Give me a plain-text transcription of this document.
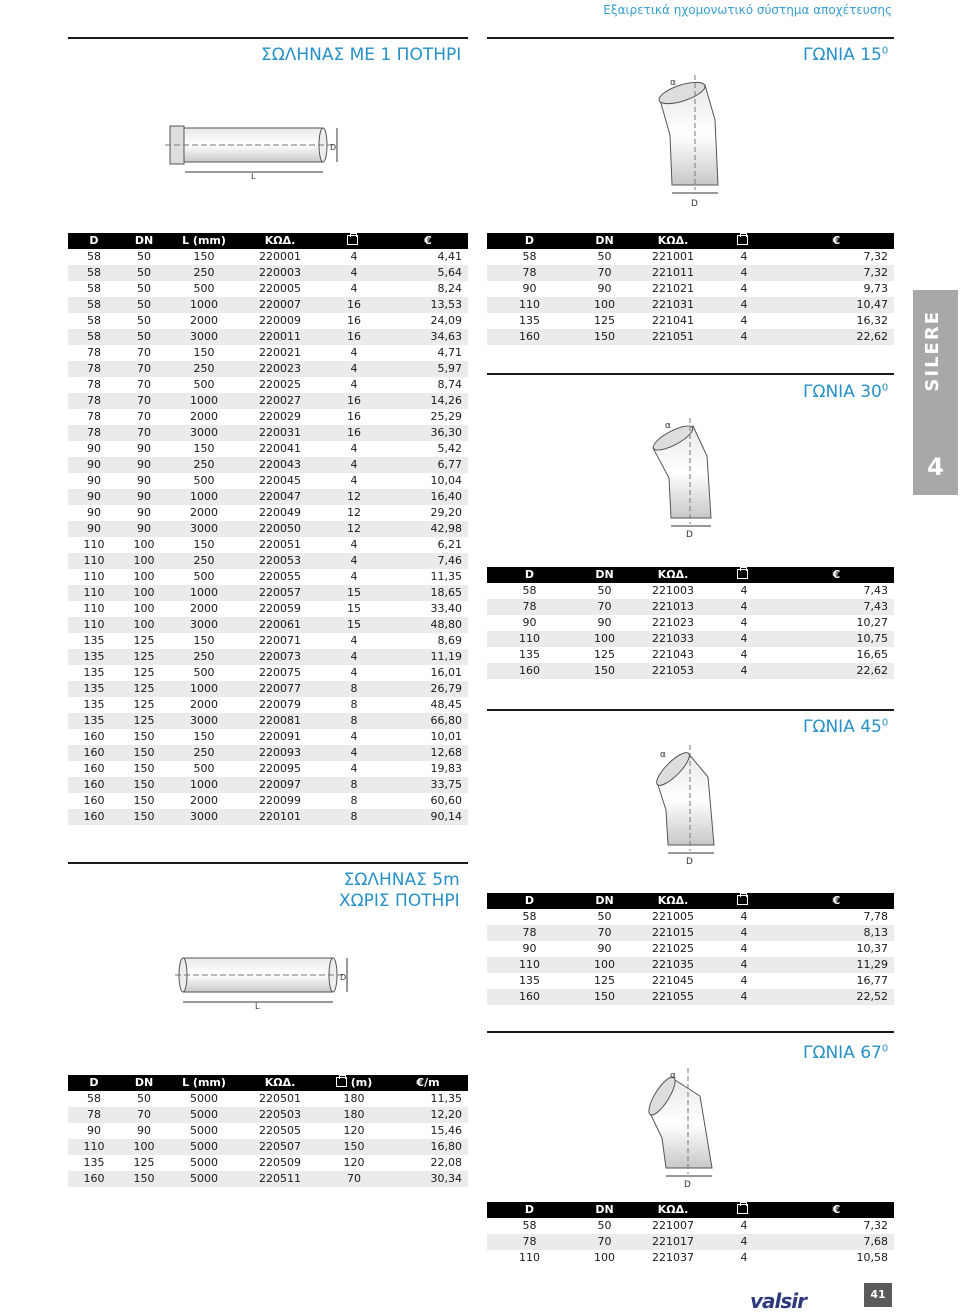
Εξαιρετικά ηχομονωτικό σύστημα αποχέτευσης
ΣΩΛΗΝΑΣ ΜΕ 1 ΠΟΤΗΡΙ	ΓΩΝΙΑ $15^0$
ΓΩΝΙΑ $30^0$
ΓΩΝΙΑ $45^0$
ΣΩΛΗΝΑΣ 5m
ΧΩΡΙΣ ΠΟΤΗΡΙ
ΓΩΝΙΑ $67^0$
D
L
D
L
D
α
D
α
D
α
D
α
D	DN	L (mm)	ΚΩΔ.		€
58	50	150	220001	4	4,41
58	50	250	220003	4	5,64
58	50	500	220005	4	8,24
58	50	1000	220007	16	13,53
58	50	2000	220009	16	24,09
58	50	3000	220011	16	34,63
78	70	150	220021	4	4,71
78	70	250	220023	4	5,97
78	70	500	220025	4	8,74
78	70	1000	220027	16	14,26
78	70	2000	220029	16	25,29
78	70	3000	220031	16	36,30
90	90	150	220041	4	5,42
90	90	250	220043	4	6,77
90	90	500	220045	4	10,04
90	90	1000	220047	12	16,40
90	90	2000	220049	12	29,20
90	90	3000	220050	12	42,98
110	100	150	220051	4	6,21
110	100	250	220053	4	7,46
110	100	500	220055	4	11,35
110	100	1000	220057	15	18,65
110	100	2000	220059	15	33,40
110	100	3000	220061	15	48,80
135	125	150	220071	4	8,69
135	125	250	220073	4	11,19
135	125	500	220075	4	16,01
135	125	1000	220077	8	26,79
135	125	2000	220079	8	48,45
135	125	3000	220081	8	66,80
160	150	150	220091	4	10,01
160	150	250	220093	4	12,68
160	150	500	220095	4	19,83
160	150	1000	220097	8	33,75
160	150	2000	220099	8	60,60
160	150	3000	220101	8	90,14
D	DN	ΚΩΔ.		€
58	50	221001	4	7,32
78	70	221011	4	7,32
90	90	221021	4	9,73
110	100	221031	4	10,47
135	125	221041	4	16,32
160	150	221051	4	22,62
D	DN	ΚΩΔ.		€
58	50	221003	4	7,43
78	70	221013	4	7,43
90	90	221023	4	10,27
110	100	221033	4	10,75
135	125	221043	4	16,65
160	150	221053	4	22,62
D	DN	ΚΩΔ.		€
58	50	221005	4	7,78
78	70	221015	4	8,13
90	90	221025	4	10,37
110	100	221035	4	11,29
135	125	221045	4	16,77
160	150	221055	4	22,52
D	DN	L (mm)	ΚΩΔ.	(m)	€/m
58	50	5000	220501	180	11,35
78	70	5000	220503	180	12,20
90	90	5000	220505	120	15,46
110	100	5000	220507	150	16,80
135	125	5000	220509	120	22,08
160	150	5000	220511	70	30,34
D	DN	ΚΩΔ.		€
58	50	221007	4	7,32
78	70	221017	4	7,68
110	100	221037	4	10,58
SILERE
4
valsir	41
